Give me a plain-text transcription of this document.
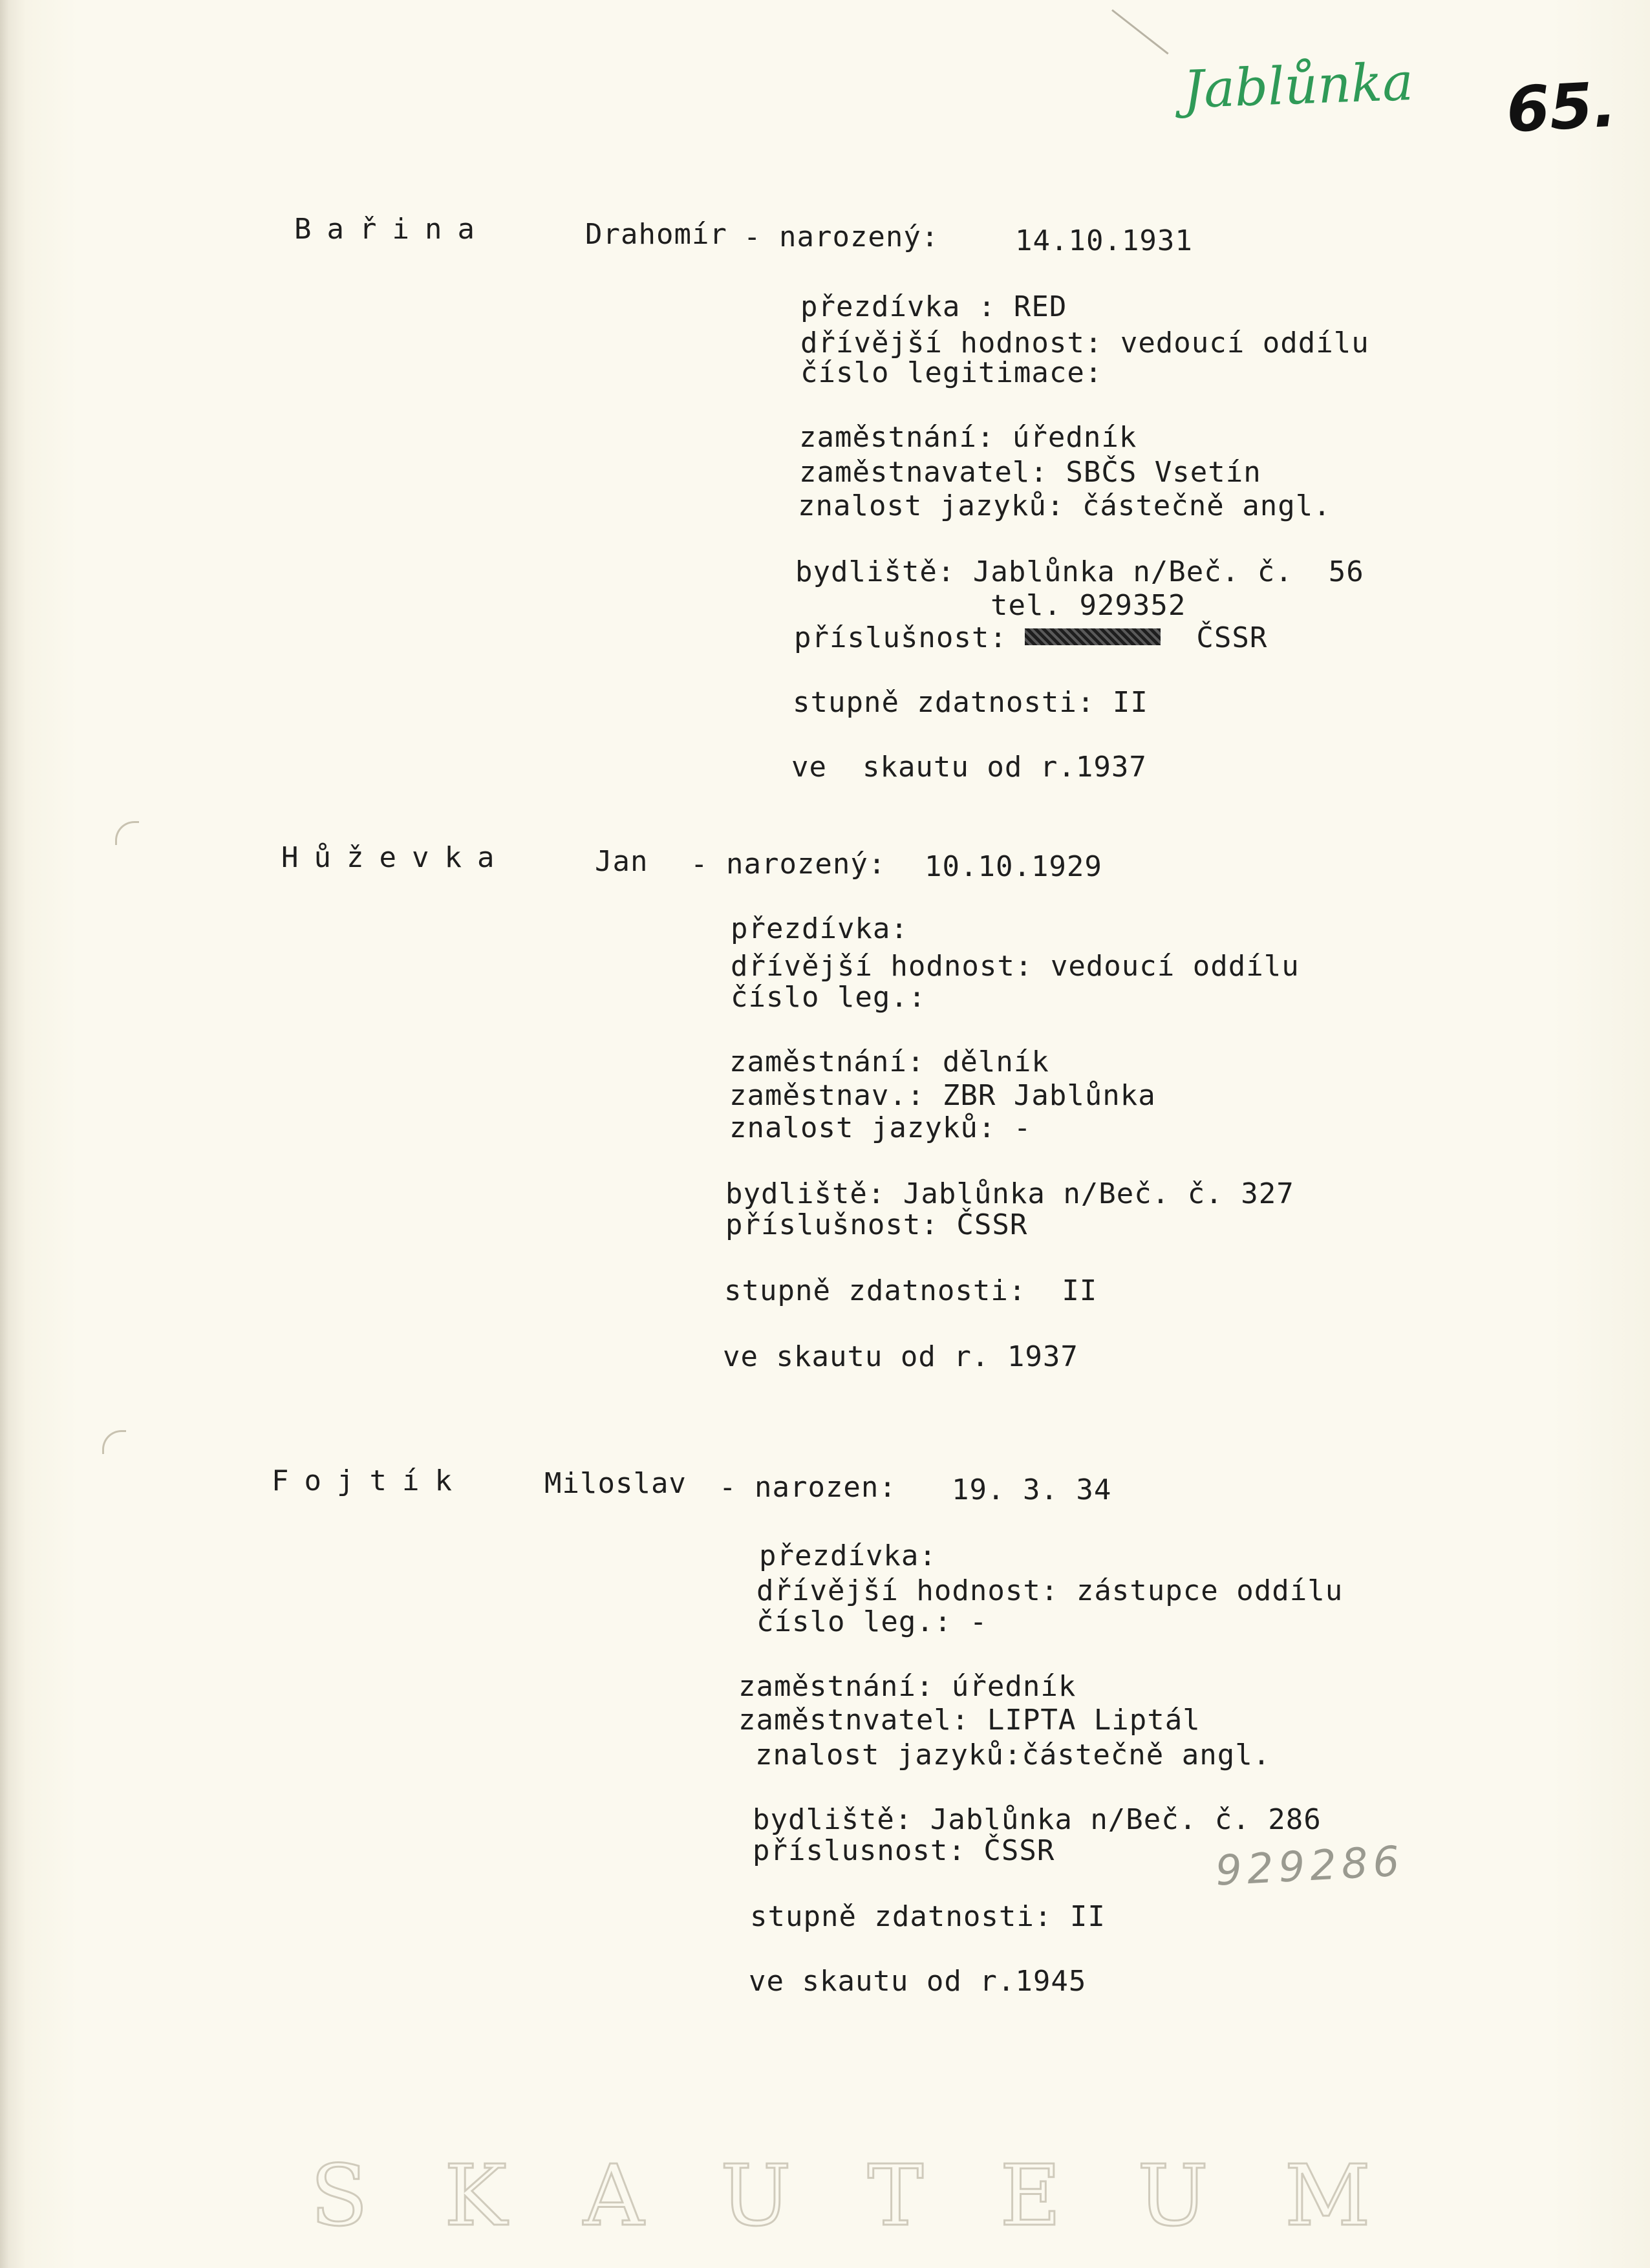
Jablůnka 65.
Bařina	Drahomír - narozený:	14.10.1931
přezdívka : RED
dřívější hodnost: vedoucí oddílu
číslo legitimace:
zaměstnání: úředník
zaměstnavatel: SBČS Vsetín
znalost jazyků: částečně angl.
bydliště: Jablůnka n/Beč. č.  56
tel. 929352
příslušnost:	ČSSR
stupně zdatnosti: II
ve  skautu od r.1937
Hůževka	Jan - narozený: 10.10.1929
přezdívka:
dřívější hodnost: vedoucí oddílu
číslo leg.:
zaměstnání: dělník
zaměstnav.: ZBR Jablůnka
znalost jazyků: -
bydliště: Jablůnka n/Beč. č. 327
příslušnost: ČSSR
stupně zdatnosti:  II
ve skautu od r. 1937
Fojtík	Miloslav - narozen: 19. 3. 34
přezdívka:
dřívější hodnost: zástupce oddílu
číslo leg.: -
zaměstnání: úředník
zaměstnvatel: LIPTA Liptál
znalost jazyků:částečně angl.
bydliště: Jablůnka n/Beč. č. 286
příslusnost: ČSSR
stupně zdatnosti: II
ve skautu od r.1945
929286
S K A U T E U M
